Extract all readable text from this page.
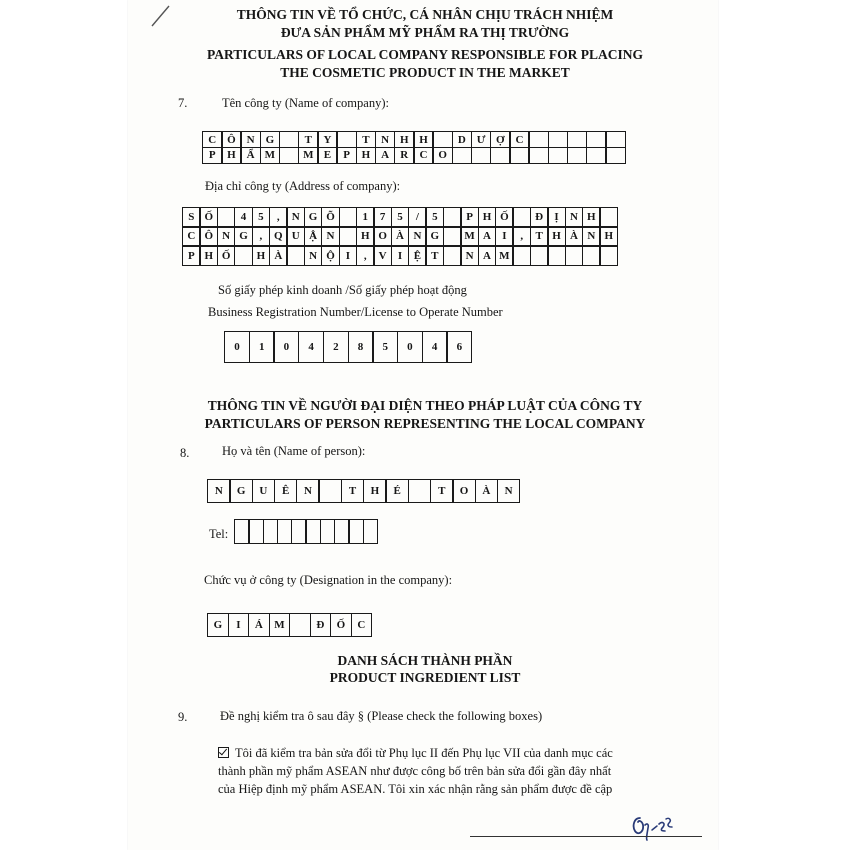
THÔNG TIN VỀ TỔ CHỨC, CÁ NHÂN CHỊU TRÁCH NHIỆM
ĐƯA SẢN PHẨM MỸ PHẨM RA THỊ TRƯỜNG
PARTICULARS OF LOCAL COMPANY RESPONSIBLE FOR PLACING
THE COSMETIC PRODUCT IN THE MARKET
7.	Tên công ty (Name of company):
C Ô N G	T	Y	T	N H H	D Ư Ợ C
P	H Ẩ M	M E	P	H A	R	C O
Địa chỉ công ty (Address of company):
S Ố	4	5	,	N G Õ	1	7	5	/	5	P H Ố	Đ	Ị	N H
C Ô N G	,	Q U Ậ N	H O À N G	M A	I	,	T H À N H
P H Ố	H À	N Ộ I	,	V	I	Ệ T	N A M
Số giấy phép kinh doanh /Số giấy phép hoạt động
Business Registration Number/License to Operate Number
0	1	0	4	2	8	5	0	4	6
THÔNG TIN VỀ NGƯỜI ĐẠI DIỆN THEO PHÁP LUẬT CỦA CÔNG TY
PARTICULARS OF PERSON REPRESENTING THE LOCAL COMPANY
8.	Họ và tên (Name of person):
N	G	U	Ê	N	T	H	É	T	O	À	N
Tel:
Chức vụ ở công ty (Designation in the company):
G	I	Á	M	Đ	Ố	C
DANH SÁCH THÀNH PHẦN
PRODUCT INGREDIENT LIST
9.	Đề nghị kiểm tra ô sau đây § (Please check the following boxes)
Tôi đã kiểm tra bản sửa đổi từ Phụ lục II đến Phụ lục VII của danh mục các
thành phần mỹ phẩm ASEAN như được công bố trên bản sửa đổi gần đây nhất
của Hiệp định mỹ phẩm ASEAN. Tôi xin xác nhận rằng sản phẩm được đề cập
